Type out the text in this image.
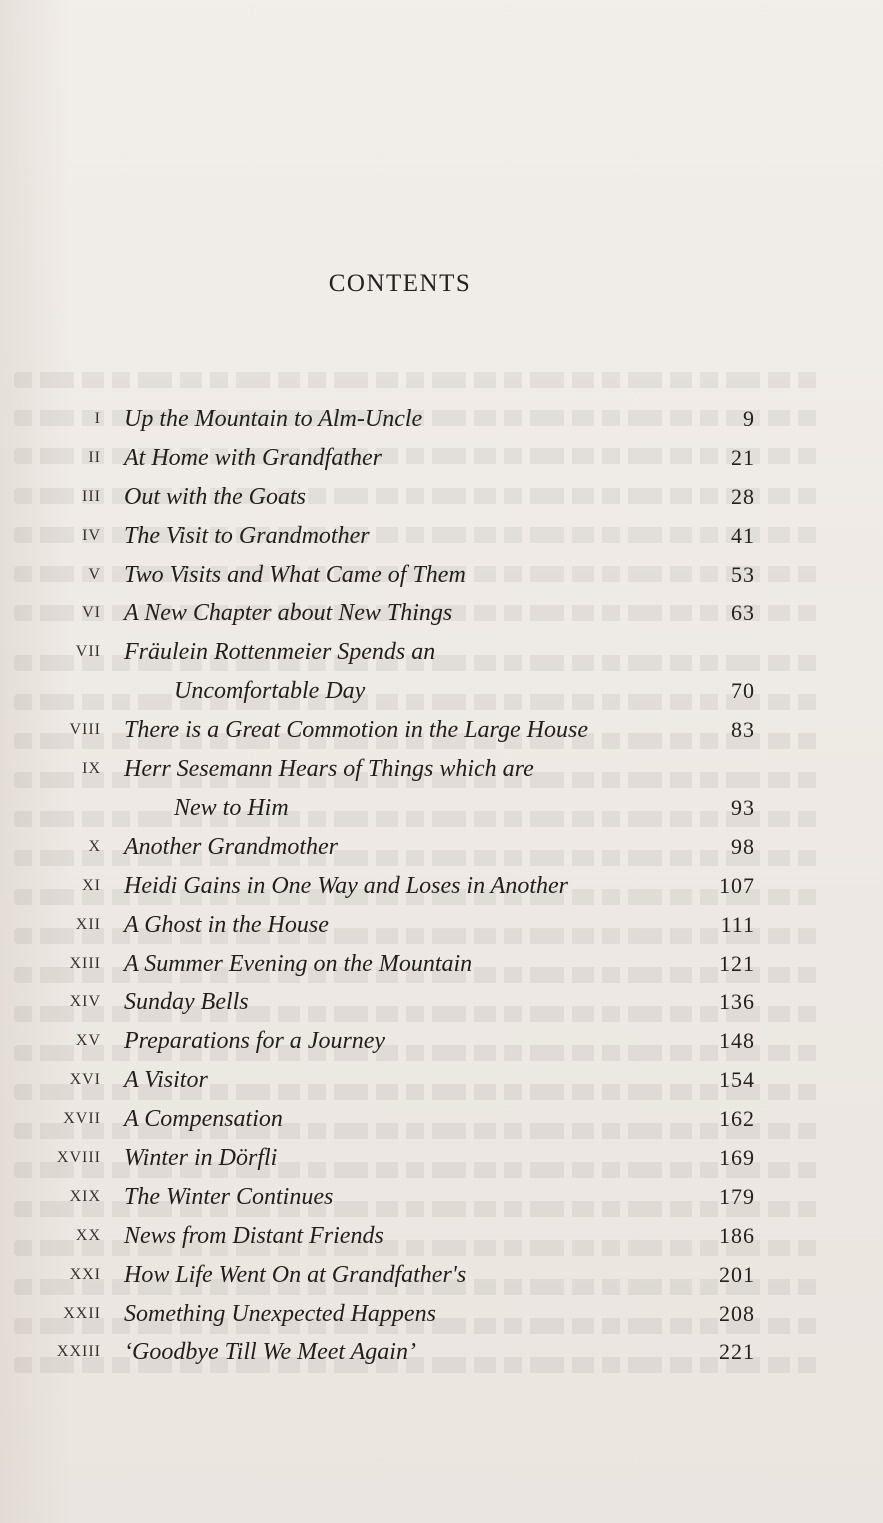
CONTENTS
I Up the Mountain to Alm-Uncle	9
II At Home with Grandfather	21
III Out with the Goats	28
IV The Visit to Grandmother	41
V Two Visits and What Came of Them	53
VI A New Chapter about New Things	63
VII Fräulein Rottenmeier Spends an
Uncomfortable Day	70
VIII There is a Great Commotion in the Large House	83
IX Herr Sesemann Hears of Things which are
New to Him	93
X Another Grandmother	98
XI Heidi Gains in One Way and Loses in Another	107
XII A Ghost in the House	111
XIII A Summer Evening on the Mountain	121
XIV Sunday Bells	136
XV Preparations for a Journey	148
XVI A Visitor	154
XVII A Compensation	162
XVIII Winter in Dörfli	169
XIX The Winter Continues	179
XX News from Distant Friends	186
XXI How Life Went On at Grandfather's	201
XXII Something Unexpected Happens	208
XXIII ‘Goodbye Till We Meet Again’	221
